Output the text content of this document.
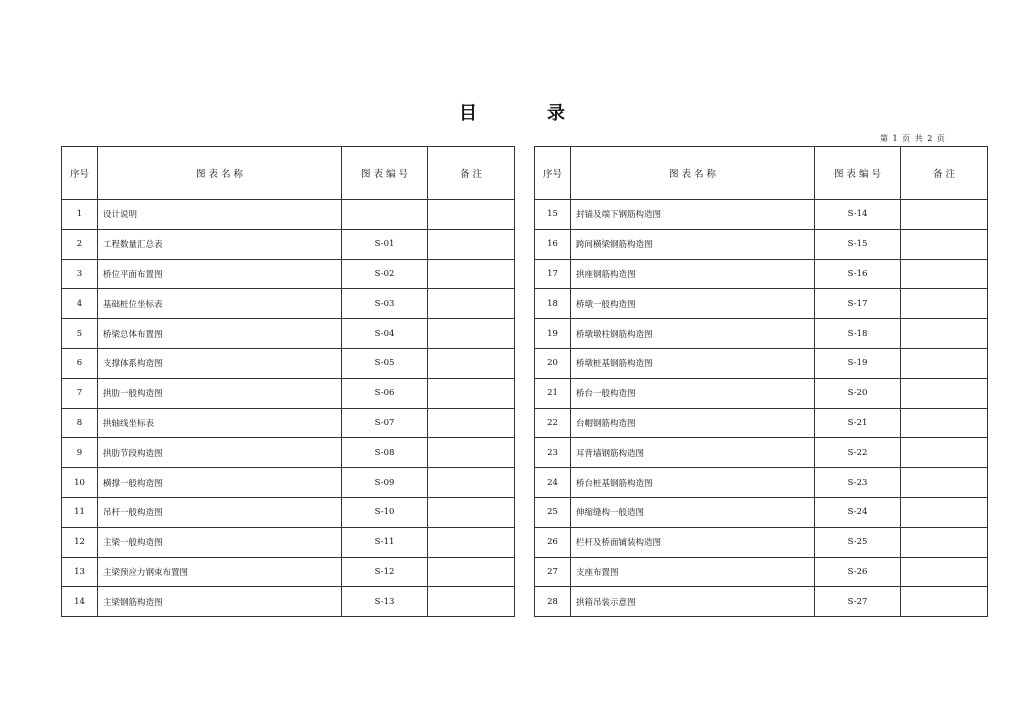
目	录
第 1 页 共 2 页
序号	图 表 名 称	图 表 编 号	备 注
1	设计说明		
2	工程数量汇总表	S-01	
3	桥位平面布置图	S-02	
4	基础桩位坐标表	S-03	
5	桥梁总体布置图	S-04	
6	支撑体系构造图	S-05	
7	拱肋一般构造图	S-06	
8	拱轴线坐标表	S-07	
9	拱肋节段构造图	S-08	
10	横撑一般构造图	S-09	
11	吊杆一般构造图	S-10	
12	主梁一般构造图	S-11	
13	主梁预应力钢束布置图	S-12	
14	主梁钢筋构造图	S-13	
序号	图 表 名 称	图 表 编 号	备 注
15	封锚及端下钢筋构造图	S-14	
16	跨间横梁钢筋构造图	S-15	
17	拱座钢筋构造图	S-16	
18	桥墩一般构造图	S-17	
19	桥墩墩柱钢筋构造图	S-18	
20	桥墩桩基钢筋构造图	S-19	
21	桥台一般构造图	S-20	
22	台帽钢筋构造图	S-21	
23	耳背墙钢筋构造图	S-22	
24	桥台桩基钢筋构造图	S-23	
25	伸缩缝构一般造图	S-24	
26	栏杆及桥面铺装构造图	S-25	
27	支座布置图	S-26	
28	拱箱吊装示意图	S-27	
